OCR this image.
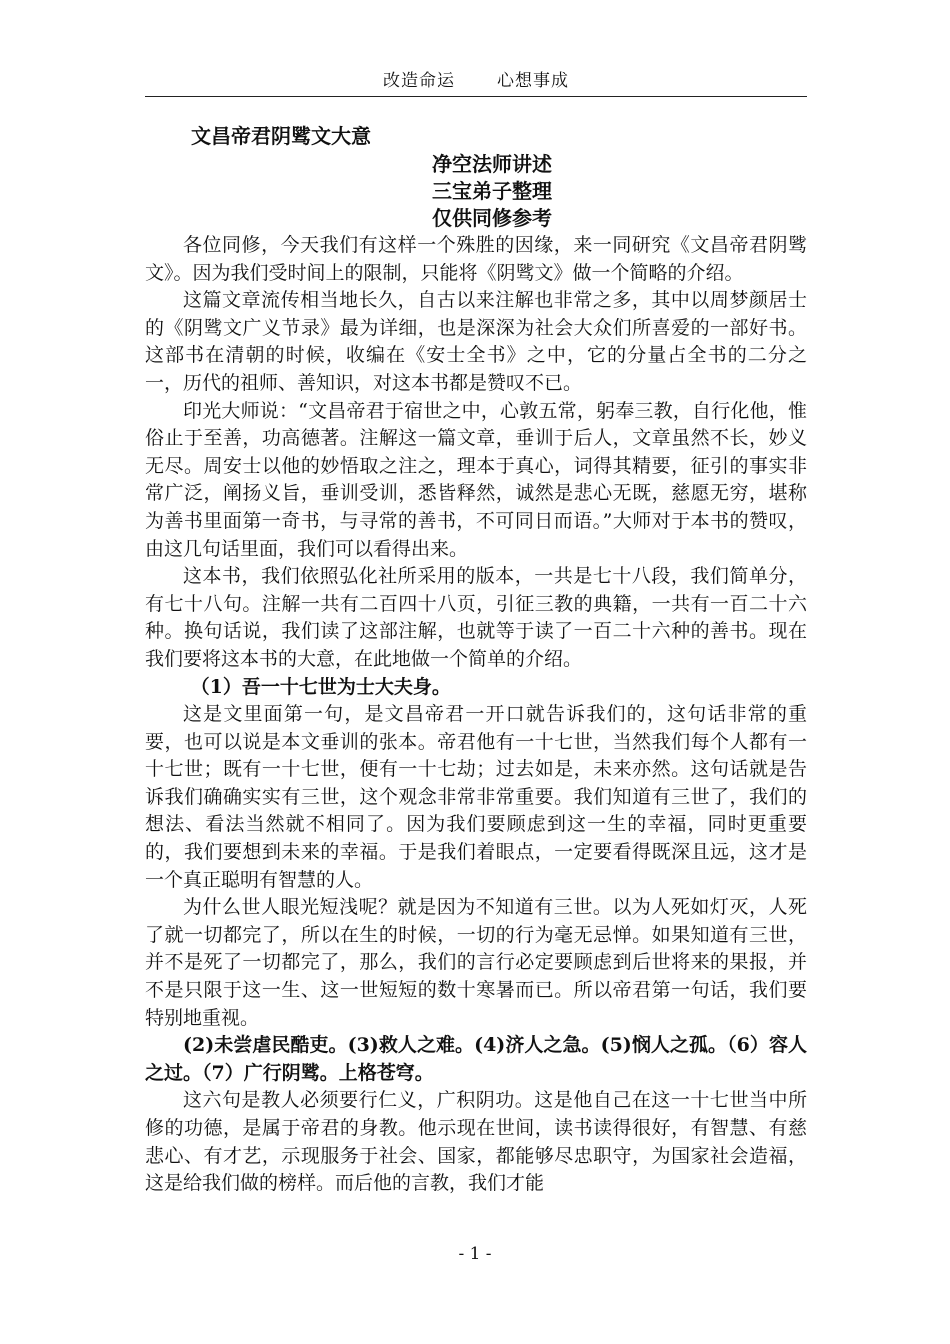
改造命运 心想事成
文昌帝君阴骘文大意
净空法师讲述
三宝弟子整理
仅供同修参考

各位同修，今天我们有这样一个殊胜的因缘，来一同研究《文昌帝君阴骘文》。因为我们受时间上的限制，只能将《阴骘文》做一个简略的介绍。

这篇文章流传相当地长久，自古以来注解也非常之多，其中以周梦颜居士的《阴骘文广义节录》最为详细，也是深深为社会大众们所喜爱的一部好书。这部书在清朝的时候，收编在《安士全书》之中，它的分量占全书的二分之一，历代的祖师、善知识，对这本书都是赞叹不已。

印光大师说：“文昌帝君于宿世之中，心敦五常，躬奉三教，自行化他，惟俗止于至善，功高德著。注解这一篇文章，垂训于后人，文章虽然不长，妙义无尽。周安士以他的妙悟取之注之，理本于真心，词得其精要，征引的事实非常广泛，阐扬义旨，垂训受训，悉皆释然，诚然是悲心无既，慈愿无穷，堪称为善书里面第一奇书，与寻常的善书，不可同日而语。”大师对于本书的赞叹，由这几句话里面，我们可以看得出来。

这本书，我们依照弘化社所采用的版本，一共是七十八段，我们简单分，有七十八句。注解一共有二百四十八页，引征三教的典籍，一共有一百二十六种。换句话说，我们读了这部注解，也就等于读了一百二十六种的善书。现在我们要将这本书的大意，在此地做一个简单的介绍。

（1）吾一十七世为士大夫身。

这是文里面第一句，是文昌帝君一开口就告诉我们的，这句话非常的重要，也可以说是本文垂训的张本。帝君他有一十七世，当然我们每个人都有一十七世；既有一十七世，便有一十七劫；过去如是，未来亦然。这句话就是告诉我们确确实实有三世，这个观念非常非常重要。我们知道有三世了，我们的想法、看法当然就不相同了。因为我们要顾虑到这一生的幸福，同时更重要的，我们要想到未来的幸福。于是我们着眼点，一定要看得既深且远，这才是一个真正聪明有智慧的人。

为什么世人眼光短浅呢？就是因为不知道有三世。以为人死如灯灭，人死了就一切都完了，所以在生的时候，一切的行为毫无忌惮。如果知道有三世，并不是死了一切都完了，那么，我们的言行必定要顾虑到后世将来的果报，并不是只限于这一生、这一世短短的数十寒暑而已。所以帝君第一句话，我们要特别地重视。

(2)未尝虐民酷吏。(3)救人之难。(4)济人之急。(5)悯人之孤。（6）容人之过。（7）广行阴骘。上格苍穹。

这六句是教人必须要行仁义，广积阴功。这是他自己在这一十七世当中所修的功德，是属于帝君的身教。他示现在世间，读书读得很好，有智慧、有慈悲心、有才艺，示现服务于社会、国家，都能够尽忠职守，为国家社会造福，这是给我们做的榜样。而后他的言教，我们才能

- 1 -
